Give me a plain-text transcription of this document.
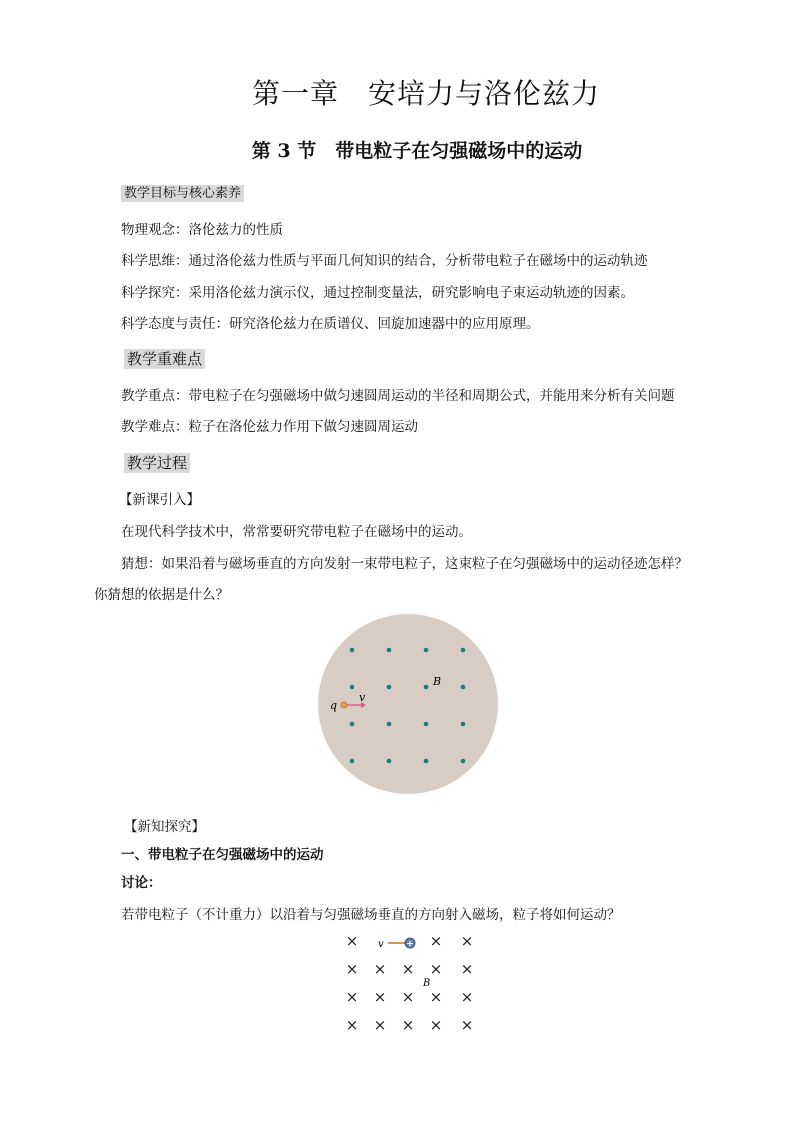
第一章　安培力与洛伦兹力
第 3 节　带电粒子在匀强磁场中的运动
教学目标与核心素养
物理观念：洛伦兹力的性质
科学思维：通过洛伦兹力性质与平面几何知识的结合，分析带电粒子在磁场中的运动轨迹
科学探究：采用洛伦兹力演示仪，通过控制变量法，研究影响电子束运动轨迹的因素。
科学态度与责任：研究洛伦兹力在质谱仪、回旋加速器中的应用原理。
教学重难点
教学重点：带电粒子在匀强磁场中做匀速圆周运动的半径和周期公式，并能用来分析有关问题
教学难点：粒子在洛伦兹力作用下做匀速圆周运动
教学过程
【新课引入】
在现代科学技术中，常常要研究带电粒子在磁场中的运动。
猜想：如果沿着与磁场垂直的方向发射一束带电粒子，这束粒子在匀强磁场中的运动径迹怎样？
你猜想的依据是什么？
q
v
B
【新知探究】
一、带电粒子在匀强磁场中的运动
讨论：
若带电粒子（不计重力）以沿着与匀强磁场垂直的方向射入磁场，粒子将如何运动？
×	× ×
× × × × ×
× × × × ×
× × × × ×
+
v
B
